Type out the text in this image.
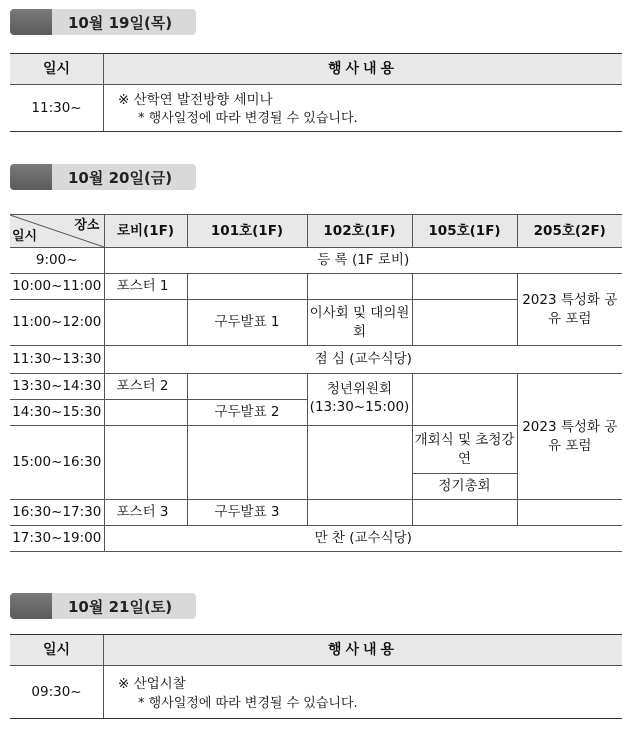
10월 19일(목)
일시	행사내용
11:30~	※ 산학연 발전방향 세미나
* 행사일정에 따라 변경될 수 있습니다.
10월 20일(금)
장소
일시	로비(1F)	101호(1F)	102호(1F)	105호(1F)	205호(2F)
9:00~	등 록 (1F 로비)				
10:00~11:00	포스터 1				2023 특성화 공유 포럼
11:00~12:00		구두발표 1	이사회 및 대의원회		
11:30~13:30	점 심 (교수식당)				
13:30~14:30	포스터 2		청년위원회 (13:30~15:00)		2023 특성화 공유 포럼
14:30~15:30		구두발표 2			
15:00~16:30				개회식 및 초청강연	
				정기총회	
16:30~17:30	포스터 3	구두발표 3			
17:30~19:00	만 찬 (교수식당)				
10월 21일(토)
일시	행사내용
09:30~	※ 산업시찰
* 행사일정에 따라 변경될 수 있습니다.
